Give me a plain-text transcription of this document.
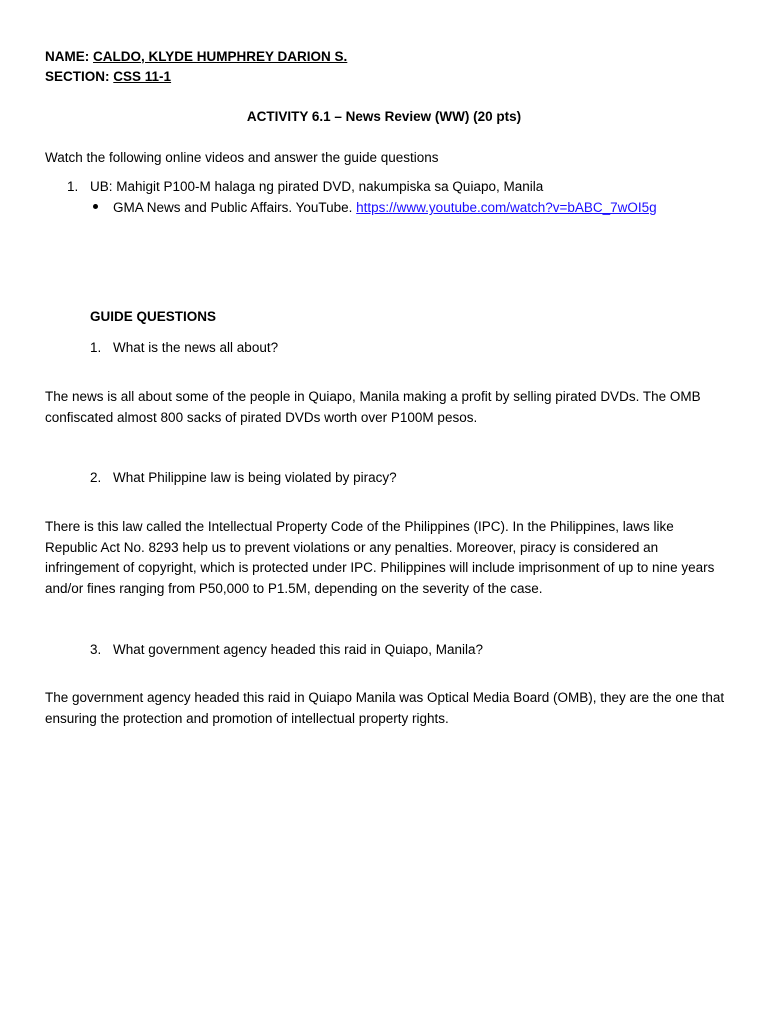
NAME: CALDO, KLYDE HUMPHREY DARION S.
SECTION: CSS 11-1
ACTIVITY 6.1 – News Review (WW) (20 pts)
Watch the following online videos and answer the guide questions
1. UB: Mahigit P100-M halaga ng pirated DVD, nakumpiska sa Quiapo, Manila
GMA News and Public Affairs. YouTube. https://www.youtube.com/watch?v=bABC_7wOI5g
GUIDE QUESTIONS
1. What is the news all about?
The news is all about some of the people in Quiapo, Manila making a profit by selling pirated DVDs. The OMB confiscated almost 800 sacks of pirated DVDs worth over P100M pesos.
2. What Philippine law is being violated by piracy?
There is this law called the Intellectual Property Code of the Philippines (IPC). In the Philippines, laws like Republic Act No. 8293 help us to prevent violations or any penalties. Moreover, piracy is considered an infringement of copyright, which is protected under IPC. Philippines will include imprisonment of up to nine years and/or fines ranging from P50,000 to P1.5M, depending on the severity of the case.
3. What government agency headed this raid in Quiapo, Manila?
The government agency headed this raid in Quiapo Manila was Optical Media Board (OMB), they are the one that ensuring the protection and promotion of intellectual property rights.
